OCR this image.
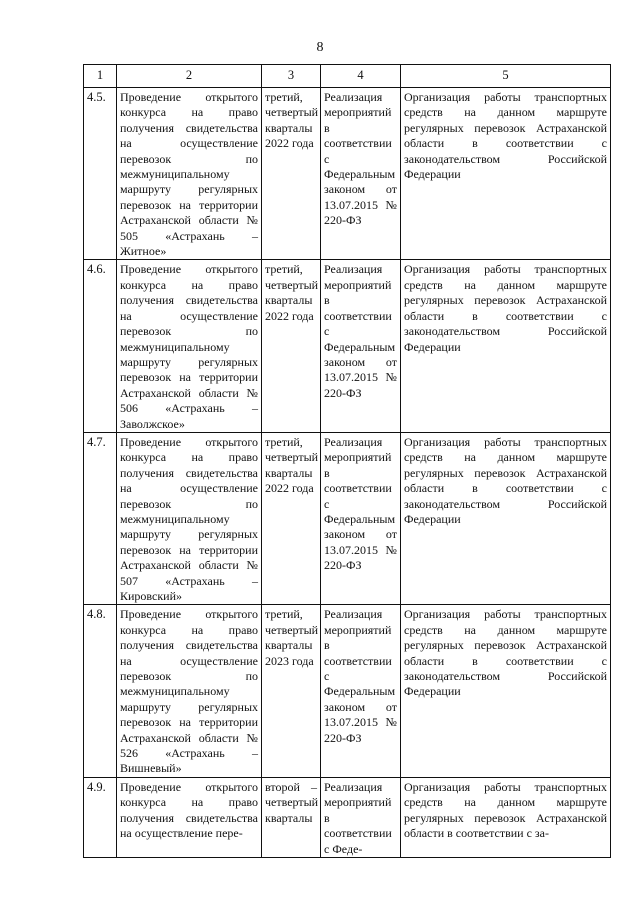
8
1	2	3	4	5
4.5.	Проведение открытого конкурса на право получения свидетельства на осуществление перевозок по межмуниципальному маршруту регулярных перевозок на территории Астраханской области № 505 «Астрахань – Житное»	третий, четвертый кварталы 2022 года	Реализация мероприятий в соответствии с Федеральным законом от 13.07.2015 № 220-ФЗ	Организация работы транспортных средств на данном маршруте регулярных перевозок Астраханской области в соответствии с законодательством Российской Федерации
4.6.	Проведение открытого конкурса на право получения свидетельства на осуществление перевозок по межмуниципальному маршруту регулярных перевозок на территории Астраханской области № 506 «Астрахань – Заволжское»	третий, четвертый кварталы 2022 года	Реализация мероприятий в соответствии с Федеральным законом от 13.07.2015 № 220-ФЗ	Организация работы транспортных средств на данном маршруте регулярных перевозок Астраханской области в соответствии с законодательством Российской Федерации
4.7.	Проведение открытого конкурса на право получения свидетельства на осуществление перевозок по межмуниципальному маршруту регулярных перевозок на территории Астраханской области № 507 «Астрахань – Кировский»	третий, четвертый кварталы 2022 года	Реализация мероприятий в соответствии с Федеральным законом от 13.07.2015 № 220-ФЗ	Организация работы транспортных средств на данном маршруте регулярных перевозок Астраханской области в соответствии с законодательством Российской Федерации
4.8.	Проведение открытого конкурса на право получения свидетельства на осуществление перевозок по межмуниципальному маршруту регулярных перевозок на территории Астраханской области № 526 «Астрахань – Вишневый»	третий, четвертый кварталы 2023 года	Реализация мероприятий в соответствии с Федеральным законом от 13.07.2015 № 220-ФЗ	Организация работы транспортных средств на данном маршруте регулярных перевозок Астраханской области в соответствии с законодательством Российской Федерации
4.9.	Проведение открытого конкурса на право получения свидетельства на осуществление пере-	второй – четвертый кварталы	Реализация мероприятий в соответствии с Феде-	Организация работы транспортных средств на данном маршруте регулярных перевозок Астраханской области в соответствии с за-
